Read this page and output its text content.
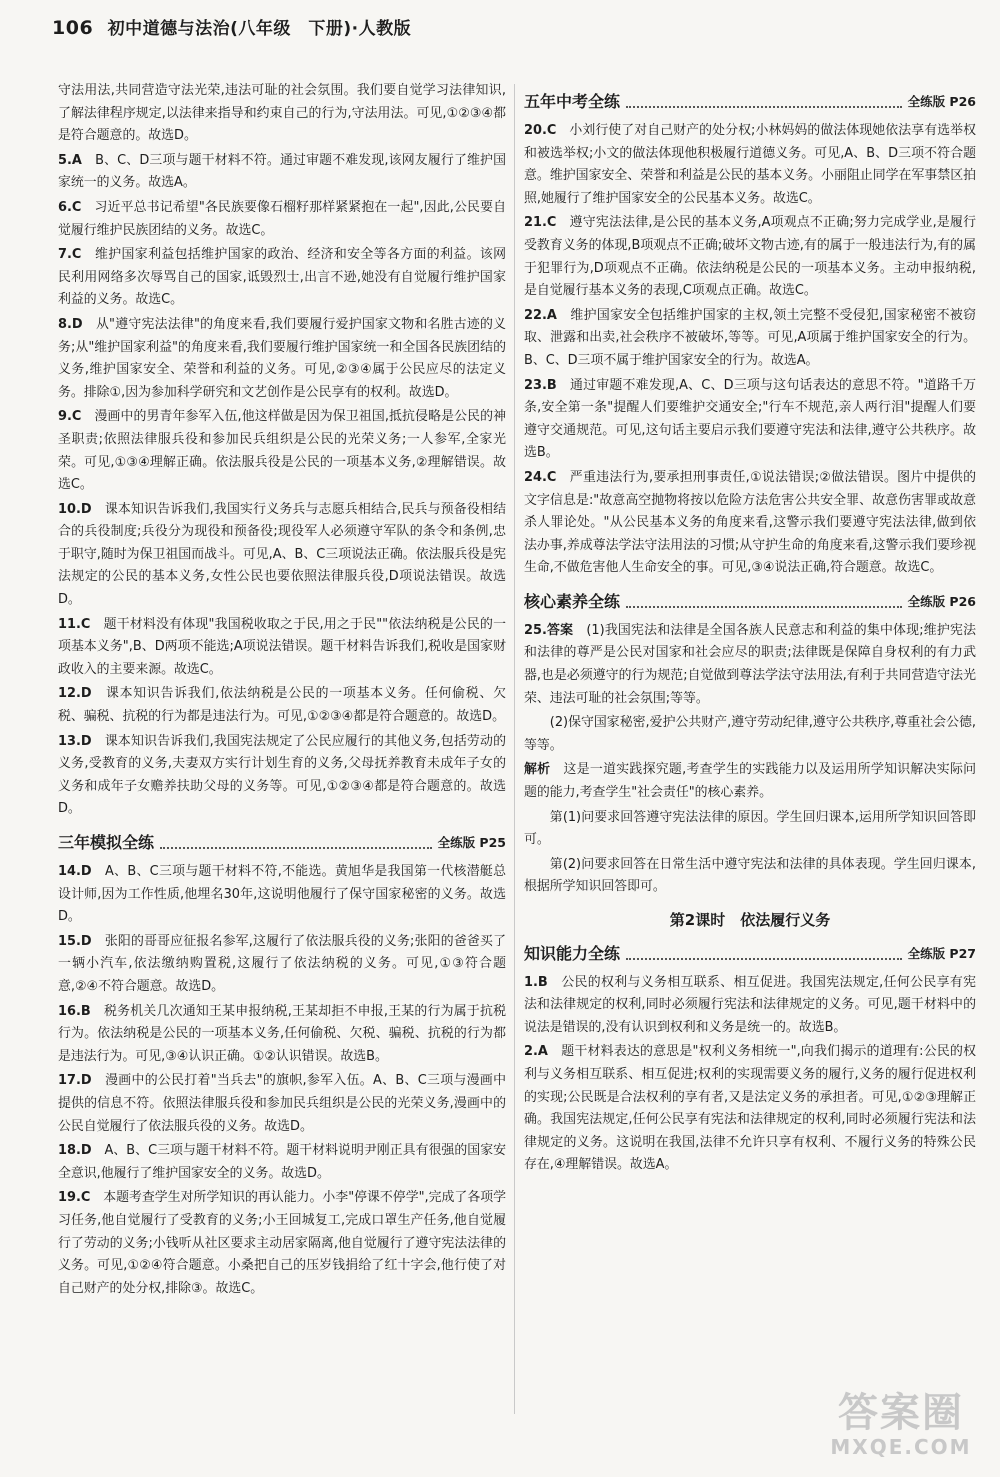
106 初中道德与法治(八年级　下册)·人教版

守法用法,共同营造守法光荣,违法可耻的社会氛围。我们要自觉学习法律知识,了解法律程序规定,以法律来指导和约束自己的行为,守法用法。可见,①②③④都是符合题意的。故选D。

5.A　 B、C、D三项与题干材料不符。通过审题不难发现,该网友履行了维护国家统一的义务。故选A。

6.C　 习近平总书记希望"各民族要像石榴籽那样紧紧抱在一起",因此,公民要自觉履行维护民族团结的义务。故选C。

7.C　 维护国家利益包括维护国家的政治、经济和安全等各方面的利益。该网民利用网络多次辱骂自己的国家,诋毁烈士,出言不逊,她没有自觉履行维护国家利益的义务。故选C。

8.D　 从"遵守宪法法律"的角度来看,我们要履行爱护国家文物和名胜古迹的义务;从"维护国家利益"的角度来看,我们要履行维护国家统一和全国各民族团结的义务,维护国家安全、荣誉和利益的义务。可见,②③④属于公民应尽的法定义务。排除①,因为参加科学研究和文艺创作是公民享有的权利。故选D。

9.C　 漫画中的男青年参军入伍,他这样做是因为保卫祖国,抵抗侵略是公民的神圣职责;依照法律服兵役和参加民兵组织是公民的光荣义务;一人参军,全家光荣。可见,①③④理解正确。依法服兵役是公民的一项基本义务,②理解错误。故选C。

10.D　 课本知识告诉我们,我国实行义务兵与志愿兵相结合,民兵与预备役相结合的兵役制度;兵役分为现役和预备役;现役军人必须遵守军队的条令和条例,忠于职守,随时为保卫祖国而战斗。可见,A、B、C三项说法正确。依法服兵役是宪法规定的公民的基本义务,女性公民也要依照法律服兵役,D项说法错误。故选D。

11.C　 题干材料没有体现"我国税收取之于民,用之于民""依法纳税是公民的一项基本义务",B、D两项不能选;A项说法错误。题干材料告诉我们,税收是国家财政收入的主要来源。故选C。

12.D　 课本知识告诉我们,依法纳税是公民的一项基本义务。任何偷税、欠税、骗税、抗税的行为都是违法行为。可见,①②③④都是符合题意的。故选D。

13.D　 课本知识告诉我们,我国宪法规定了公民应履行的其他义务,包括劳动的义务,受教育的义务,夫妻双方实行计划生育的义务,父母抚养教育未成年子女的义务和成年子女赡养扶助父母的义务等。可见,①②③④都是符合题意的。故选D。

三年模拟全练	全练版 P25

14.D　 A、B、C三项与题干材料不符,不能选。黄旭华是我国第一代核潜艇总设计师,因为工作性质,他埋名30年,这说明他履行了保守国家秘密的义务。故选D。

15.D　 张阳的哥哥应征报名参军,这履行了依法服兵役的义务;张阳的爸爸买了一辆小汽车,依法缴纳购置税,这履行了依法纳税的义务。可见,①③符合题意,②④不符合题意。故选D。

16.B　 税务机关几次通知王某申报纳税,王某却拒不申报,王某的行为属于抗税行为。依法纳税是公民的一项基本义务,任何偷税、欠税、骗税、抗税的行为都是违法行为。可见,③④认识正确。①②认识错误。故选B。

17.D　 漫画中的公民打着"当兵去"的旗帜,参军入伍。A、B、C三项与漫画中提供的信息不符。依照法律服兵役和参加民兵组织是公民的光荣义务,漫画中的公民自觉履行了依法服兵役的义务。故选D。

18.D　 A、B、C三项与题干材料不符。题干材料说明尹刚正具有很强的国家安全意识,他履行了维护国家安全的义务。故选D。

19.C　 本题考查学生对所学知识的再认能力。小李"停课不停学",完成了各项学习任务,他自觉履行了受教育的义务;小王回城复工,完成口罩生产任务,他自觉履行了劳动的义务;小钱听从社区要求主动居家隔离,他自觉履行了遵守宪法法律的义务。可见,①②④符合题意。小桑把自己的压岁钱捐给了红十字会,他行使了对自己财产的处分权,排除③。故选C。

五年中考全练	全练版 P26

20.C　 小刘行使了对自己财产的处分权;小林妈妈的做法体现她依法享有选举权和被选举权;小文的做法体现他积极履行道德义务。可见,A、B、D三项不符合题意。维护国家安全、荣誉和利益是公民的基本义务。小丽阻止同学在军事禁区拍照,她履行了维护国家安全的公民基本义务。故选C。

21.C　 遵守宪法法律,是公民的基本义务,A项观点不正确;努力完成学业,是履行受教育义务的体现,B项观点不正确;破坏文物古迹,有的属于一般违法行为,有的属于犯罪行为,D项观点不正确。依法纳税是公民的一项基本义务。主动申报纳税,是自觉履行基本义务的表现,C项观点正确。故选C。

22.A　 维护国家安全包括维护国家的主权,领土完整不受侵犯,国家秘密不被窃取、泄露和出卖,社会秩序不被破坏,等等。可见,A项属于维护国家安全的行为。B、C、D三项不属于维护国家安全的行为。故选A。

23.B　 通过审题不难发现,A、C、D三项与这句话表达的意思不符。"道路千万条,安全第一条"提醒人们要维护交通安全;"行车不规范,亲人两行泪"提醒人们要遵守交通规范。可见,这句话主要启示我们要遵守宪法和法律,遵守公共秩序。故选B。

24.C　 严重违法行为,要承担刑事责任,①说法错误;②做法错误。图片中提供的文字信息是:"故意高空抛物将按以危险方法危害公共安全罪、故意伤害罪或故意杀人罪论处。"从公民基本义务的角度来看,这警示我们要遵守宪法法律,做到依法办事,养成尊法学法守法用法的习惯;从守护生命的角度来看,这警示我们要珍视生命,不做危害他人生命安全的事。可见,③④说法正确,符合题意。故选C。

核心素养全练	全练版 P26

25.答案　 (1)我国宪法和法律是全国各族人民意志和利益的集中体现;维护宪法和法律的尊严是公民对国家和社会应尽的职责;法律既是保障自身权利的有力武器,也是必须遵守的行为规范;自觉做到尊法学法守法用法,有利于共同营造守法光荣、违法可耻的社会氛围;等等。

(2)保守国家秘密,爱护公共财产,遵守劳动纪律,遵守公共秩序,尊重社会公德,等等。

解析　 这是一道实践探究题,考查学生的实践能力以及运用所学知识解决实际问题的能力,考查学生"社会责任"的核心素养。

第(1)问要求回答遵守宪法法律的原因。学生回归课本,运用所学知识回答即可。

第(2)问要求回答在日常生活中遵守宪法和法律的具体表现。学生回归课本,根据所学知识回答即可。

第2课时　依法履行义务
知识能力全练	全练版 P27

1.B　 公民的权利与义务相互联系、相互促进。我国宪法规定,任何公民享有宪法和法律规定的权利,同时必须履行宪法和法律规定的义务。可见,题干材料中的说法是错误的,没有认识到权利和义务是统一的。故选B。

2.A　 题干材料表达的意思是"权利义务相统一",向我们揭示的道理有:公民的权利与义务相互联系、相互促进;权利的实现需要义务的履行,义务的履行促进权利的实现;公民既是合法权利的享有者,又是法定义务的承担者。可见,①②③理解正确。我国宪法规定,任何公民享有宪法和法律规定的权利,同时必须履行宪法和法律规定的义务。这说明在我国,法律不允许只享有权利、不履行义务的特殊公民存在,④理解错误。故选A。

答案圈
MXQE.COM
